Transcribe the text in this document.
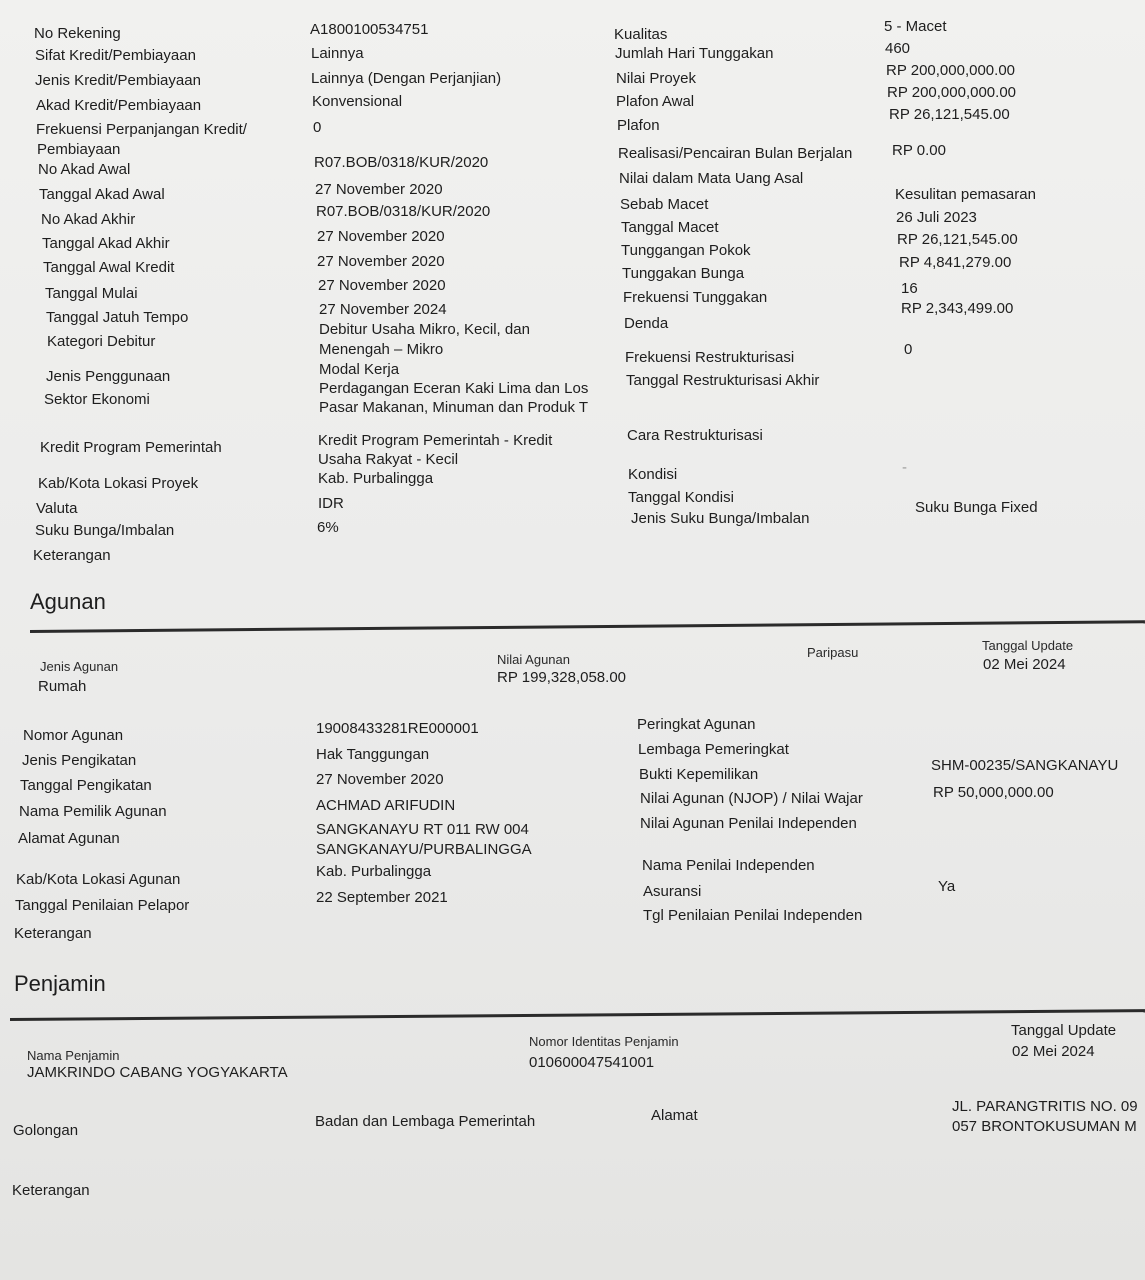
No Rekening
Sifat Kredit/Pembiayaan
Jenis Kredit/Pembiayaan
Akad Kredit/Pembiayaan
Frekuensi Perpanjangan Kredit/
Pembiayaan
No Akad Awal
Tanggal Akad Awal
No Akad Akhir
Tanggal Akad Akhir
Tanggal Awal Kredit
Tanggal Mulai
Tanggal Jatuh Tempo
Kategori Debitur
Jenis Penggunaan
Sektor Ekonomi
Kredit Program Pemerintah
Kab/Kota Lokasi Proyek
Valuta
Suku Bunga/Imbalan
Keterangan
A1800100534751
Lainnya
Lainnya (Dengan Perjanjian)
Konvensional
0
R07.BOB/0318/KUR/2020
27 November 2020
R07.BOB/0318/KUR/2020
27 November 2020
27 November 2020
27 November 2020
27 November 2024
Debitur Usaha Mikro, Kecil, dan
Menengah – Mikro
Modal Kerja
Perdagangan Eceran Kaki Lima dan Los
Pasar Makanan, Minuman dan Produk T
Kredit Program Pemerintah - Kredit
Usaha Rakyat - Kecil
Kab. Purbalingga
IDR
6%
Kualitas
Jumlah Hari Tunggakan
Nilai Proyek
Plafon Awal
Plafon
Realisasi/Pencairan Bulan Berjalan
Nilai dalam Mata Uang Asal
Sebab Macet
Tanggal Macet
Tunggangan Pokok
Tunggakan Bunga
Frekuensi Tunggakan
Denda
Frekuensi Restrukturisasi
Tanggal Restrukturisasi Akhir
Cara Restrukturisasi
Kondisi
Tanggal Kondisi
Jenis Suku Bunga/Imbalan
5 - Macet
460
RP 200,000,000.00
RP 200,000,000.00
RP 26,121,545.00
RP 0.00
Kesulitan pemasaran
26 Juli 2023
RP 26,121,545.00
RP 4,841,279.00
16
RP 2,343,499.00
0
-
Suku Bunga Fixed
Agunan
Jenis Agunan
Rumah
Nilai Agunan
RP 199,328,058.00
Paripasu	Tanggal Update
02 Mei 2024
Nomor Agunan
Jenis Pengikatan
Tanggal Pengikatan
Nama Pemilik Agunan
Alamat Agunan
Kab/Kota Lokasi Agunan
Tanggal Penilaian Pelapor
Keterangan
19008433281RE000001
Hak Tanggungan
27 November 2020
ACHMAD ARIFUDIN
SANGKANAYU RT 011 RW 004
SANGKANAYU/PURBALINGGA
Kab. Purbalingga
22 September 2021
Peringkat Agunan
Lembaga Pemeringkat
Bukti Kepemilikan
Nilai Agunan (NJOP) / Nilai Wajar
Nilai Agunan Penilai Independen
Nama Penilai Independen
Asuransi
Tgl Penilaian Penilai Independen
SHM-00235/SANGKANAYU
RP 50,000,000.00
Ya
Penjamin
Nama Penjamin
JAMKRINDO CABANG YOGYAKARTA
Nomor Identitas Penjamin
010600047541001
Tanggal Update
02 Mei 2024
Golongan
Badan dan Lembaga Pemerintah	Alamat
JL. PARANGTRITIS NO. 09
057 BRONTOKUSUMAN M
Keterangan
